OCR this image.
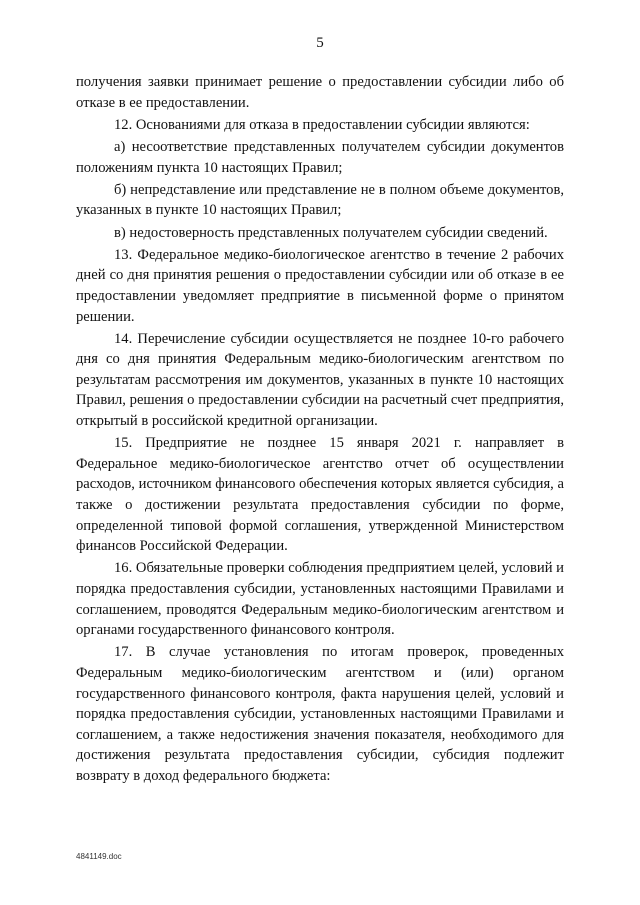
5

получения заявки принимает решение о предоставлении субсидии либо об отказе в ее предоставлении.

12. Основаниями для отказа в предоставлении субсидии являются:

а) несоответствие представленных получателем субсидии документов положениям пункта 10 настоящих Правил;

б) непредставление или представление не в полном объеме документов, указанных в пункте 10 настоящих Правил;

в) недостоверность представленных получателем субсидии сведений.

13. Федеральное медико-биологическое агентство в течение 2 рабочих дней со дня принятия решения о предоставлении субсидии или об отказе в ее предоставлении уведомляет предприятие в письменной форме о принятом решении.

14. Перечисление субсидии осуществляется не позднее 10-го рабочего дня со дня принятия Федеральным медико-биологическим агентством по результатам рассмотрения им документов, указанных в пункте 10 настоящих Правил, решения о предоставлении субсидии на расчетный счет предприятия, открытый в российской кредитной организации.

15. Предприятие не позднее 15 января 2021 г. направляет в Федеральное медико-биологическое агентство отчет об осуществлении расходов, источником финансового обеспечения которых является субсидия, а также о достижении результата предоставления субсидии по форме, определенной типовой формой соглашения, утвержденной Министерством финансов Российской Федерации.

16. Обязательные проверки соблюдения предприятием целей, условий и порядка предоставления субсидии, установленных настоящими Правилами и соглашением, проводятся Федеральным медико-биологическим агентством и органами государственного финансового контроля.

17. В случае установления по итогам проверок, проведенных Федеральным медико-биологическим агентством и (или) органом государственного финансового контроля, факта нарушения целей, условий и порядка предоставления субсидии, установленных настоящими Правилами и соглашением, а также недостижения значения показателя, необходимого для достижения результата предоставления субсидии, субсидия подлежит возврату в доход федерального бюджета:

4841149.doc
